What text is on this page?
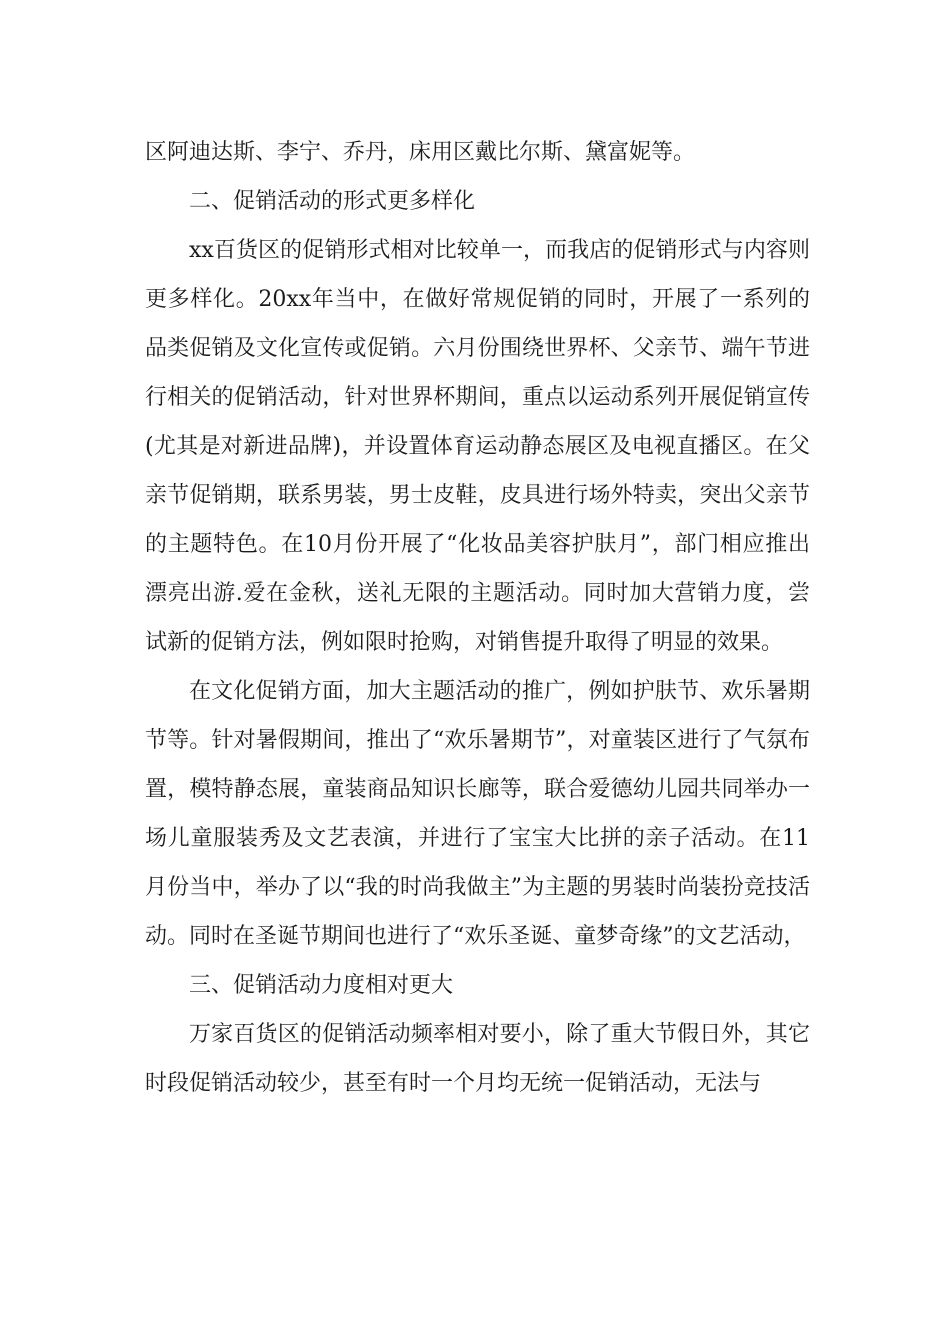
区阿迪达斯、李宁、乔丹，床用区戴比尔斯、黛富妮等。

二、促销活动的形式更多样化

xx百货区的促销形式相对比较单一，而我店的促销形式与内容则更多样化。20xx年当中，在做好常规促销的同时，开展了一系列的品类促销及文化宣传或促销。六月份围绕世界杯、父亲节、端午节进行相关的促销活动，针对世界杯期间，重点以运动系列开展促销宣传(尤其是对新进品牌)，并设置体育运动静态展区及电视直播区。在父亲节促销期，联系男装，男士皮鞋，皮具进行场外特卖，突出父亲节的主题特色。在10月份开展了“化妆品美容护肤月”，部门相应推出漂亮出游.爱在金秋，送礼无限的主题活动。同时加大营销力度，尝试新的促销方法，例如限时抢购，对销售提升取得了明显的效果。

在文化促销方面，加大主题活动的推广，例如护肤节、欢乐暑期节等。针对暑假期间，推出了“欢乐暑期节”，对童装区进行了气氛布置，模特静态展，童装商品知识长廊等，联合爱德幼儿园共同举办一场儿童服装秀及文艺表演，并进行了宝宝大比拼的亲子活动。在11月份当中，举办了以“我的时尚我做主”为主题的男装时尚装扮竞技活动。同时在圣诞节期间也进行了“欢乐圣诞、童梦奇缘”的文艺活动，

三、促销活动力度相对更大

万家百货区的促销活动频率相对要小，除了重大节假日外，其它时段促销活动较少，甚至有时一个月均无统一促销活动，无法与
